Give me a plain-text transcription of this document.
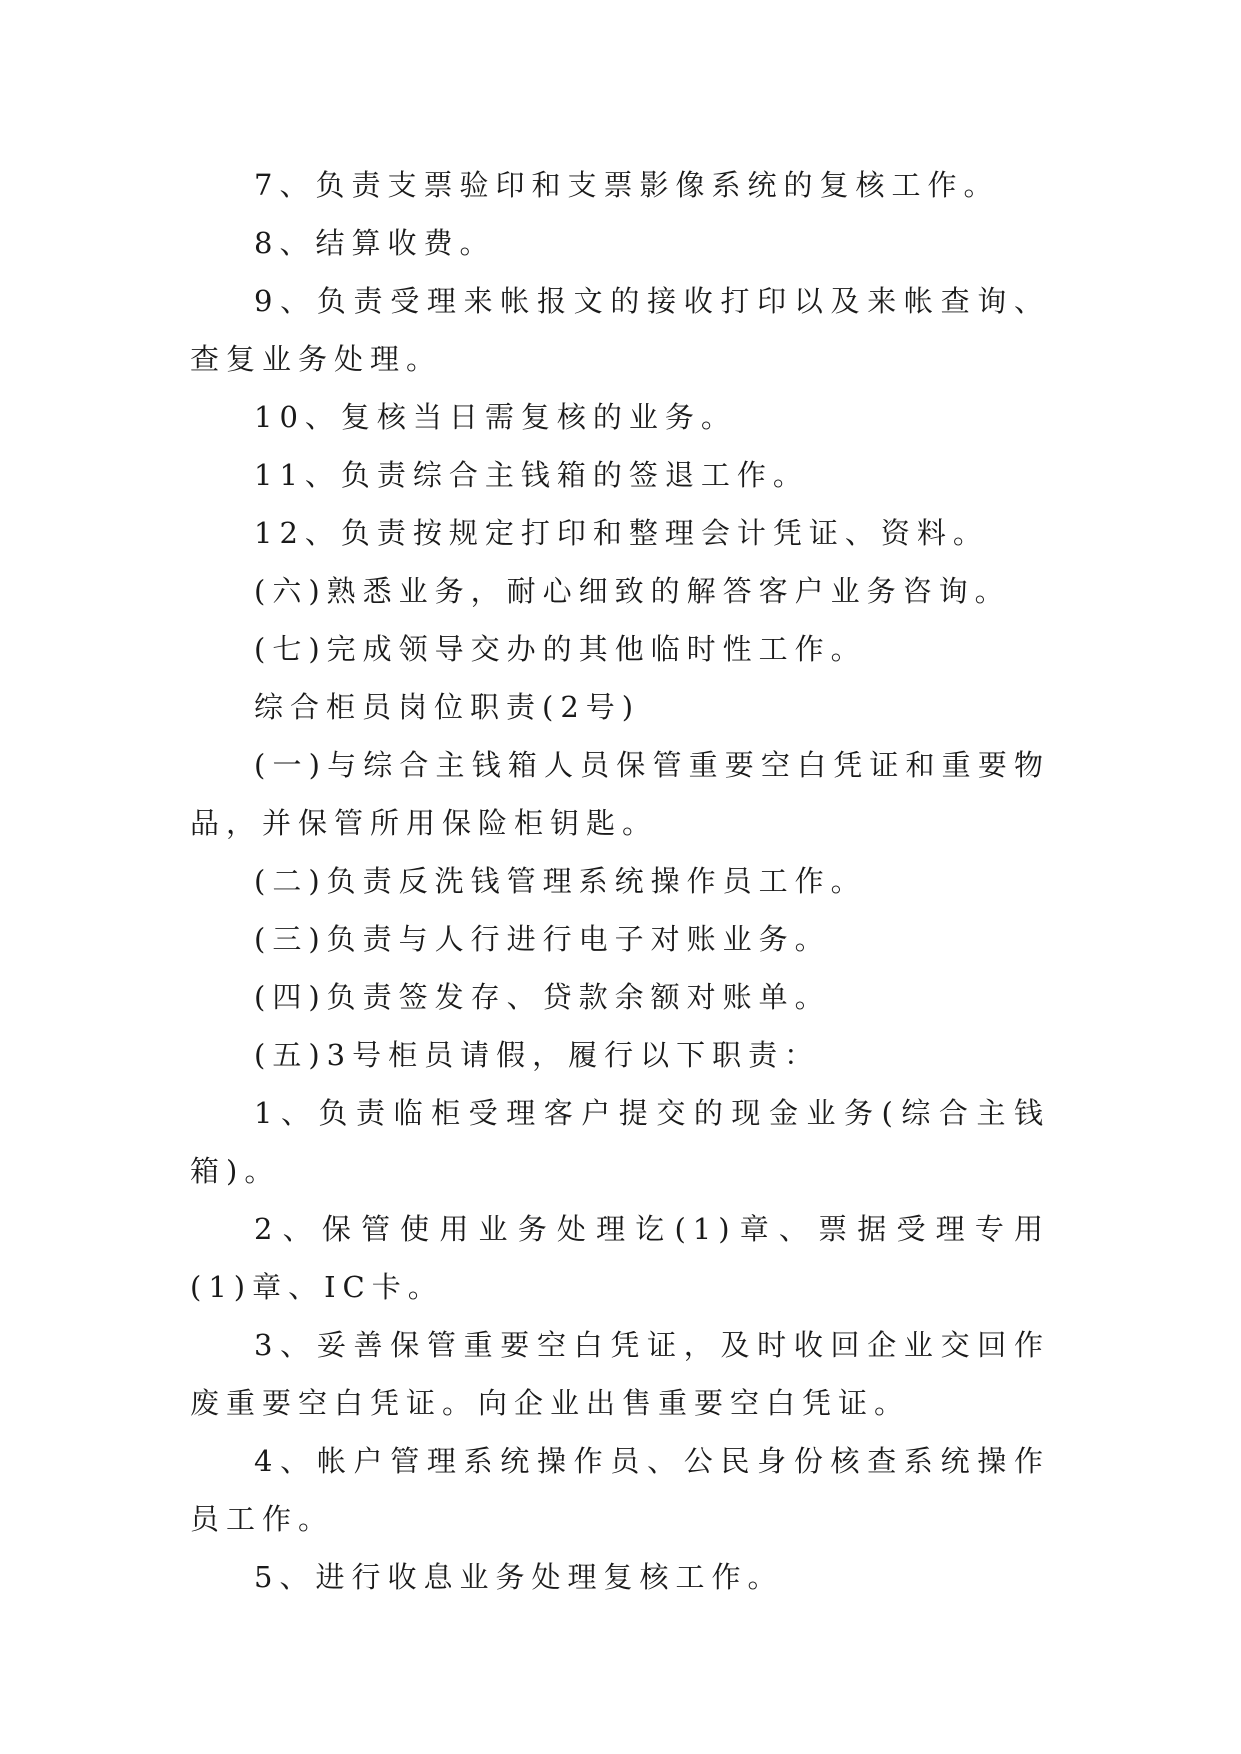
7、负责支票验印和支票影像系统的复核工作。

8、结算收费。

9、负责受理来帐报文的接收打印以及来帐查询、查复业务处理。

10、复核当日需复核的业务。

11、负责综合主钱箱的签退工作。

12、负责按规定打印和整理会计凭证、资料。

(六)熟悉业务，耐心细致的解答客户业务咨询。

(七)完成领导交办的其他临时性工作。

综合柜员岗位职责(2号)

(一)与综合主钱箱人员保管重要空白凭证和重要物品，并保管所用保险柜钥匙。

(二)负责反洗钱管理系统操作员工作。

(三)负责与人行进行电子对账业务。

(四)负责签发存、贷款余额对账单。

(五)3号柜员请假，履行以下职责：

1、负责临柜受理客户提交的现金业务(综合主钱箱)。

2、保管使用业务处理讫(1)章、票据受理专用(1)章、IC卡。

3、妥善保管重要空白凭证，及时收回企业交回作废重要空白凭证。向企业出售重要空白凭证。

4、帐户管理系统操作员、公民身份核查系统操作员工作。

5、进行收息业务处理复核工作。
